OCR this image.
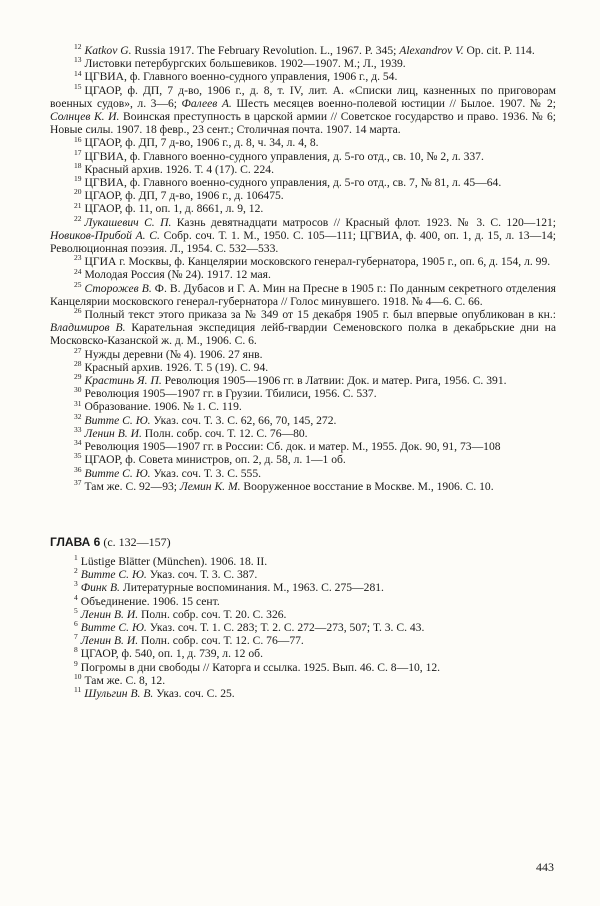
$^{12}$ Katkov G. Russia 1917. The February Revolution. L., 1967. P. 345; Alexandrov V. Op. cit. P. 114.

$^{13}$ Листовки петербургских большевиков. 1902—1907. М.; Л., 1939.

$^{14}$ ЦГВИА, ф. Главного военно-судного управления, 1906 г., д. 54.

$^{15}$ ЦГАОР, ф. ДП, 7 д-во, 1906 г., д. 8, т. IV, лит. А. «Списки лиц, казненных по приговорам военных судов», л. 3—6; Фалеев А. Шесть месяцев военно-полевой юстиции // Былое. 1907. № 2; Солнцев К. И. Воинская преступность в царской армии // Советское государство и право. 1936. № 6; Новые силы. 1907. 18 февр., 23 сент.; Столичная почта. 1907. 14 марта.

$^{16}$ ЦГАОР, ф. ДП, 7 д-во, 1906 г., д. 8, ч. 34, л. 4, 8.

$^{17}$ ЦГВИА, ф. Главного военно-судного управления, д. 5-го отд., св. 10, № 2, л. 337.

$^{18}$ Красный архив. 1926. Т. 4 (17). С. 224.

$^{19}$ ЦГВИА, ф. Главного военно-судного управления, д. 5-го отд., св. 7, № 81, л. 45—64.

$^{20}$ ЦГАОР, ф. ДП, 7 д-во, 1906 г., д. 106475.

$^{21}$ ЦГАОР, ф. 11, оп. 1, д. 8661, л. 9, 12.

$^{22}$ Лукашевич С. П. Казнь девятнадцати матросов // Красный флот. 1923. № 3. С. 120—121; Новиков-Прибой А. С. Собр. соч. Т. 1. М., 1950. С. 105—111; ЦГВИА, ф. 400, оп. 1, д. 15, л. 13—14; Революционная поэзия. Л., 1954. С. 532—533.

$^{23}$ ЦГИА г. Москвы, ф. Канцелярии московского генерал-губернатора, 1905 г., оп. 6, д. 154, л. 99.

$^{24}$ Молодая Россия (№ 24). 1917. 12 мая.

$^{25}$ Сторожев В. Ф. В. Дубасов и Г. А. Мин на Пресне в 1905 г.: По данным секретного отделения Канцелярии московского генерал-губернатора // Голос минувшего. 1918. № 4—6. С. 66.

$^{26}$ Полный текст этого приказа за № 349 от 15 декабря 1905 г. был впервые опубликован в кн.: Владимиров В. Карательная экспедиция лейб-гвардии Семеновского полка в декабрьские дни на Московско-Казанской ж. д. М., 1906. С. 6.

$^{27}$ Нужды деревни (№ 4). 1906. 27 янв.

$^{28}$ Красный архив. 1926. Т. 5 (19). С. 94.

$^{29}$ Крастинь Я. П. Революция 1905—1906 гг. в Латвии: Док. и матер. Рига, 1956. С. 391.

$^{30}$ Революция 1905—1907 гг. в Грузии. Тбилиси, 1956. С. 537.

$^{31}$ Образование. 1906. № 1. С. 119.

$^{32}$ Витте С. Ю. Указ. соч. Т. 3. С. 62, 66, 70, 145, 272.

$^{33}$ Ленин В. И. Полн. собр. соч. Т. 12. С. 76—80.

$^{34}$ Революция 1905—1907 гг. в России: Сб. док. и матер. М., 1955. Док. 90, 91, 73—108

$^{35}$ ЦГАОР, ф. Совета министров, оп. 2, д. 58, л. 1—1 об.

$^{36}$ Витте С. Ю. Указ. соч. Т. 3. С. 555.

$^{37}$ Там же. С. 92—93; Лемин К. М. Вооруженное восстание в Москве. М., 1906. С. 10.

ГЛАВА 6 (с. 132—157)

$^1$ Lüstige Blätter (München). 1906. 18. II.

$^2$ Витте С. Ю. Указ. соч. Т. 3. С. 387.

$^3$ Финк В. Литературные воспоминания. М., 1963. С. 275—281.

$^4$ Объединение. 1906. 15 сент.

$^5$ Ленин В. И. Полн. собр. соч. Т. 20. С. 326.

$^6$ Витте С. Ю. Указ. соч. Т. 1. С. 283; Т. 2. С. 272—273, 507; Т. 3. С. 43.

$^7$ Ленин В. И. Полн. собр. соч. Т. 12. С. 76—77.

$^8$ ЦГАОР, ф. 540, оп. 1, д. 739, л. 12 об.

$^9$ Погромы в дни свободы // Каторга и ссылка. 1925. Вып. 46. С. 8—10, 12.

$^{10}$ Там же. С. 8, 12.

$^{11}$ Шульгин В. В. Указ. соч. С. 25.

443
